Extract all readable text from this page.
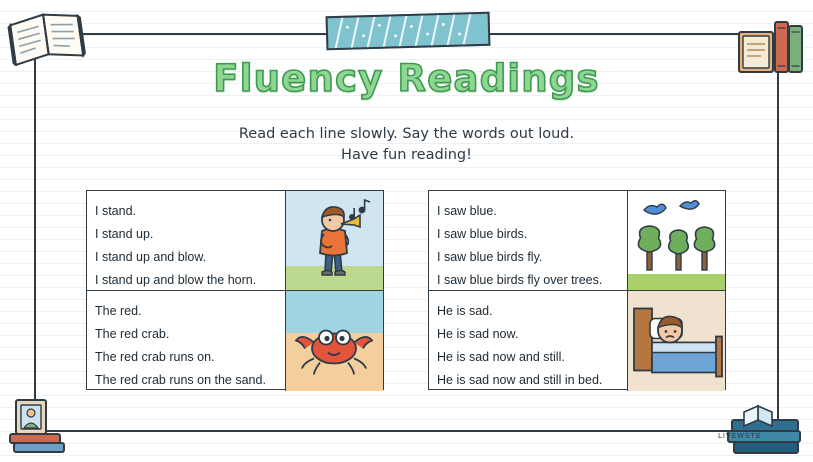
LIVEWSTE
Fluency Readings
Read each line slowly. Say the words out loud.
Have fun reading!

I stand.

I stand up.

I stand up and blow.

I stand up and blow the horn.

The red.

The red crab.

The red crab runs on.

The red crab runs on the sand.

I saw blue.

I saw blue birds.

I saw blue birds fly.

I saw blue birds fly over trees.

He is sad.

He is sad now.

He is sad now and still.

He is sad now and still in bed.
